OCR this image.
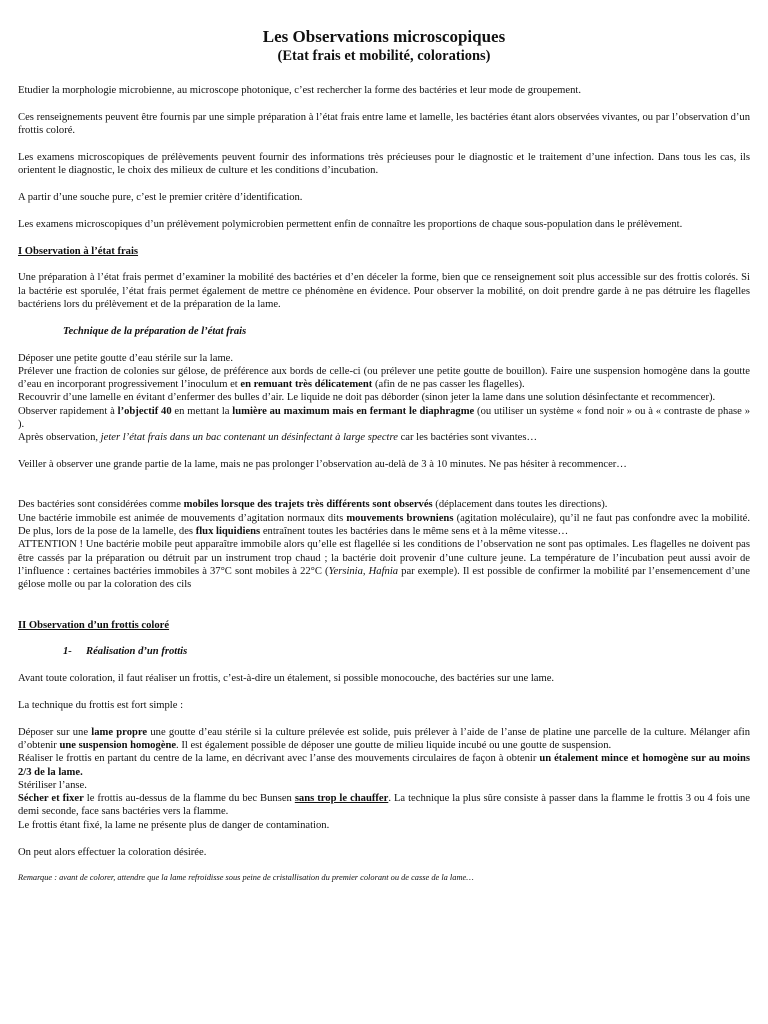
Les Observations microscopiques
(Etat frais et mobilité, colorations)

Etudier la morphologie microbienne, au microscope photonique, c’est rechercher la forme des bactéries et leur mode de groupement.

Ces renseignements peuvent être fournis par une simple préparation à l’état frais entre lame et lamelle, les bactéries étant alors observées vivantes, ou par l’observation d’un frottis coloré.

Les examens microscopiques de prélèvements peuvent fournir des informations très précieuses pour le diagnostic et le traitement d’une infection. Dans tous les cas, ils orientent le diagnostic, le choix des milieux de culture et les conditions d’incubation.

A partir d’une souche pure, c’est le premier critère d’identification.

Les examens microscopiques d’un prélèvement polymicrobien permettent enfin de connaître les proportions de chaque sous-population dans le prélèvement.

I Observation à l’état frais

Une préparation à l’état frais permet d’examiner la mobilité des bactéries et d’en déceler la forme, bien que ce renseignement soit plus accessible sur des frottis colorés. Si la bactérie est sporulée, l’état frais permet également de mettre ce phénomène en évidence. Pour observer la mobilité, on doit prendre garde à ne pas détruire les flagelles bactériens lors du prélèvement et de la préparation de la lame.

Technique de la préparation de l’état frais

Déposer une petite goutte d’eau stérile sur la lame.

Prélever une fraction de colonies sur gélose, de préférence aux bords de celle-ci (ou prélever une petite goutte de bouillon). Faire une suspension homogène dans la goutte d’eau en incorporant progressivement l’inoculum et en remuant très délicatement (afin de ne pas casser les flagelles).

Recouvrir d’une lamelle en évitant d’enfermer des bulles d’air. Le liquide ne doit pas déborder (sinon jeter la lame dans une solution désinfectante et recommencer).

Observer rapidement à l’objectif 40 en mettant la lumière au maximum mais en fermant le diaphragme (ou utiliser un système « fond noir » ou à « contraste de phase » ).

Après observation, jeter l’état frais dans un bac contenant un désinfectant à large spectre car les bactéries sont vivantes…

Veiller à observer une grande partie de la lame, mais ne pas prolonger l’observation au-delà de 3 à 10 minutes. Ne pas hésiter à recommencer…

Des bactéries sont considérées comme mobiles lorsque des trajets très différents sont observés (déplacement dans toutes les directions).

Une bactérie immobile est animée de mouvements d’agitation normaux dits mouvements browniens (agitation moléculaire), qu’il ne faut pas confondre avec la mobilité. De plus, lors de la pose de la lamelle, des flux liquidiens entraînent toutes les bactéries dans le même sens et à la même vitesse…

ATTENTION ! Une bactérie mobile peut apparaître immobile alors qu’elle est flagellée si les conditions de l’observation ne sont pas optimales. Les flagelles ne doivent pas être cassés par la préparation ou détruit par un instrument trop chaud ; la bactérie doit provenir d’une culture jeune. La température de l’incubation peut aussi avoir de l’influence : certaines bactéries immobiles à 37°C sont mobiles à 22°C (Yersinia, Hafnia par exemple). Il est possible de confirmer la mobilité par l’ensemencement d’une gélose molle ou par la coloration des cils

II Observation d’un frottis coloré
1- Réalisation d’un frottis

Avant toute coloration, il faut réaliser un frottis, c’est-à-dire un étalement, si possible monocouche, des bactéries sur une lame.

La technique du frottis est fort simple :

Déposer sur une lame propre une goutte d’eau stérile si la culture prélevée est solide, puis prélever à l’aide de l’anse de platine une parcelle de la culture. Mélanger afin d’obtenir une suspension homogène. Il est également possible de déposer une goutte de milieu liquide incubé ou une goutte de suspension.

Réaliser le frottis en partant du centre de la lame, en décrivant avec l’anse des mouvements circulaires de façon à obtenir un étalement mince et homogène sur au moins 2/3 de la lame.

Stériliser l’anse.

Sécher et fixer le frottis au-dessus de la flamme du bec Bunsen sans trop le chauffer. La technique la plus sûre consiste à passer dans la flamme le frottis 3 ou 4 fois une demi seconde, face sans bactéries vers la flamme.

Le frottis étant fixé, la lame ne présente plus de danger de contamination.

On peut alors effectuer la coloration désirée.

Remarque : avant de colorer, attendre que la lame refroidisse sous peine de cristallisation du premier colorant ou de casse de la lame…
